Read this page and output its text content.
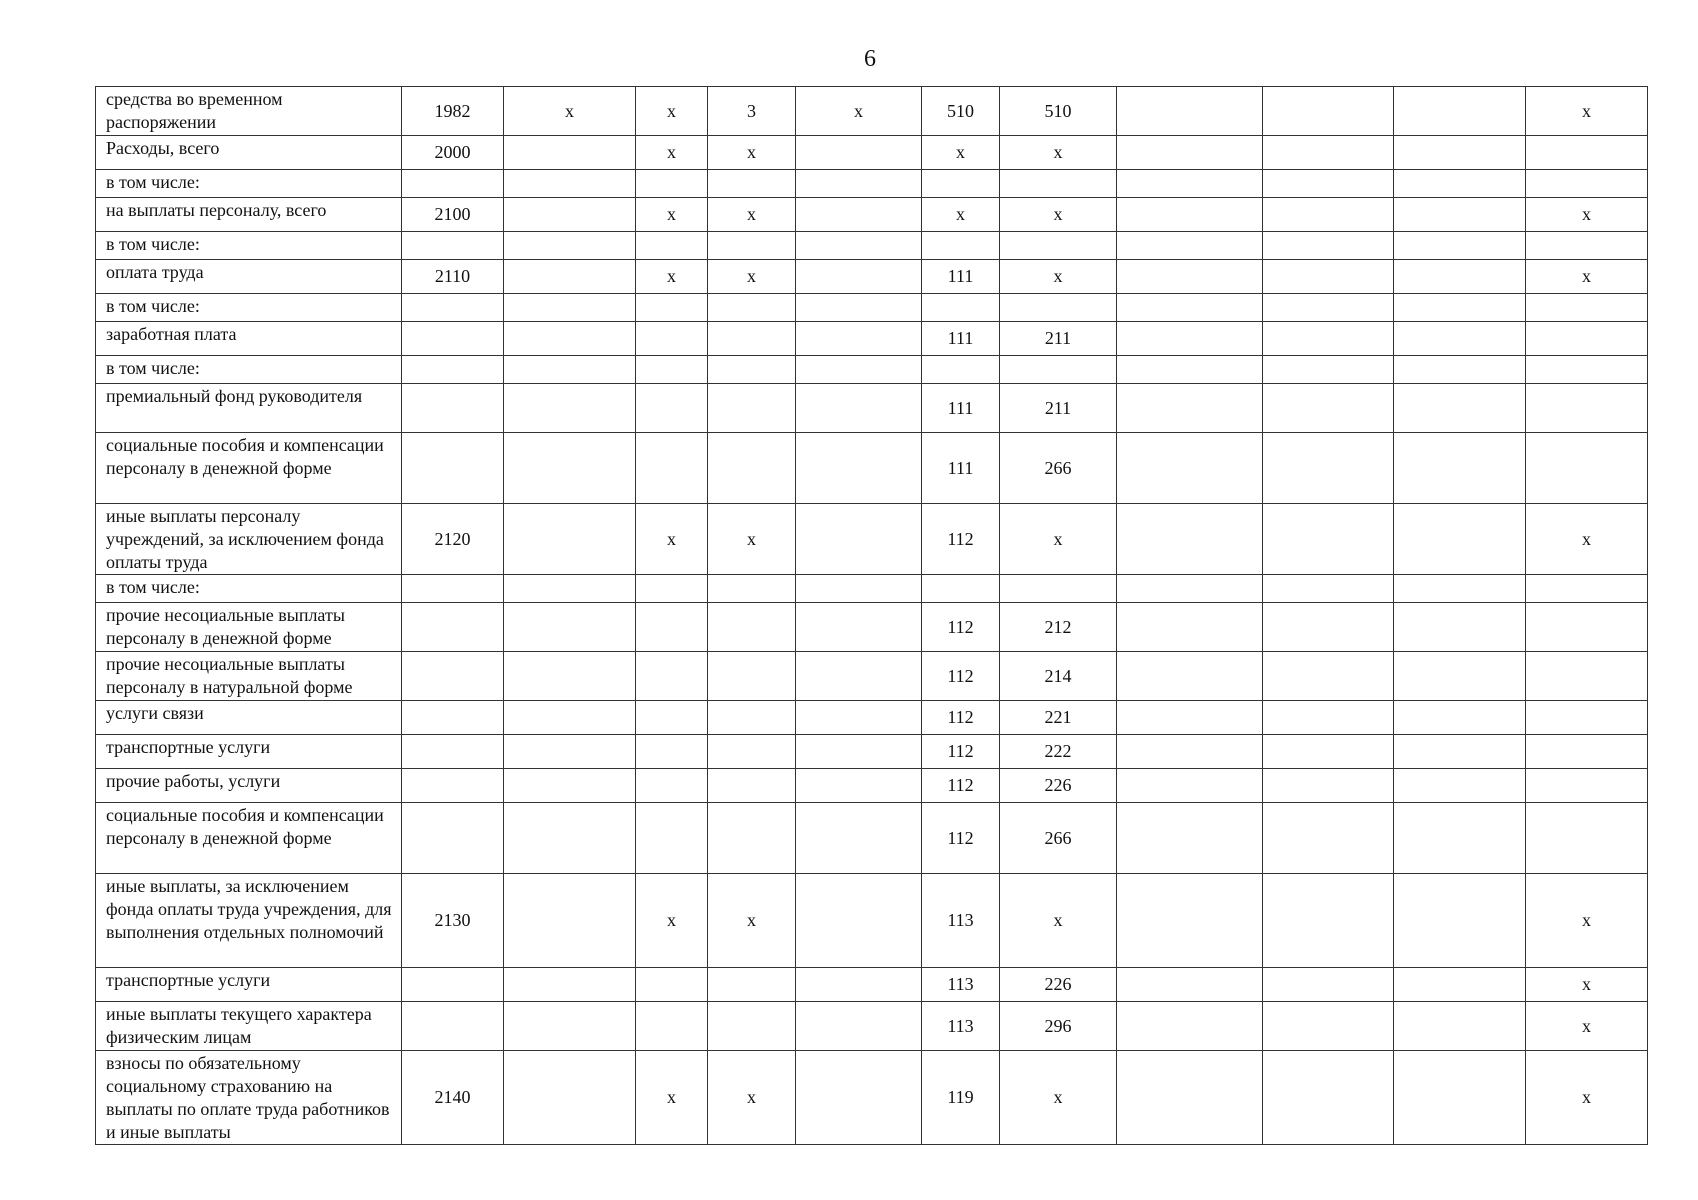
6
средства во временном распоряжении	1982	x	x	3	x	510	510				x
Расходы, всего	2000		x	x		x	x				
в том числе:											
на выплаты персоналу, всего	2100		x	x		x	x				x
в том числе:											
оплата труда	2110		x	x		111	x				x
в том числе:											
заработная плата						111	211				
в том числе:											
премиальный фонд руководителя						111	211				
социальные пособия и компенсации персоналу в денежной форме						111	266				
иные выплаты персоналу учреждений, за исключением фонда оплаты труда	2120		x	x		112	x				x
в том числе:											
прочие несоциальные выплаты персоналу в денежной форме						112	212				
прочие несоциальные выплаты персоналу в натуральной форме						112	214				
услуги связи						112	221				
транспортные услуги						112	222				
прочие работы, услуги						112	226				
социальные пособия и компенсации персоналу в денежной форме						112	266				
иные выплаты, за исключением фонда оплаты труда учреждения, для выполнения отдельных полномочий	2130		x	x		113	x				x
транспортные услуги						113	226				x
иные выплаты текущего характера физическим лицам						113	296				x
взносы по обязательному социальному страхованию на выплаты по оплате труда работников и иные выплаты	2140		x	x		119	x				x
